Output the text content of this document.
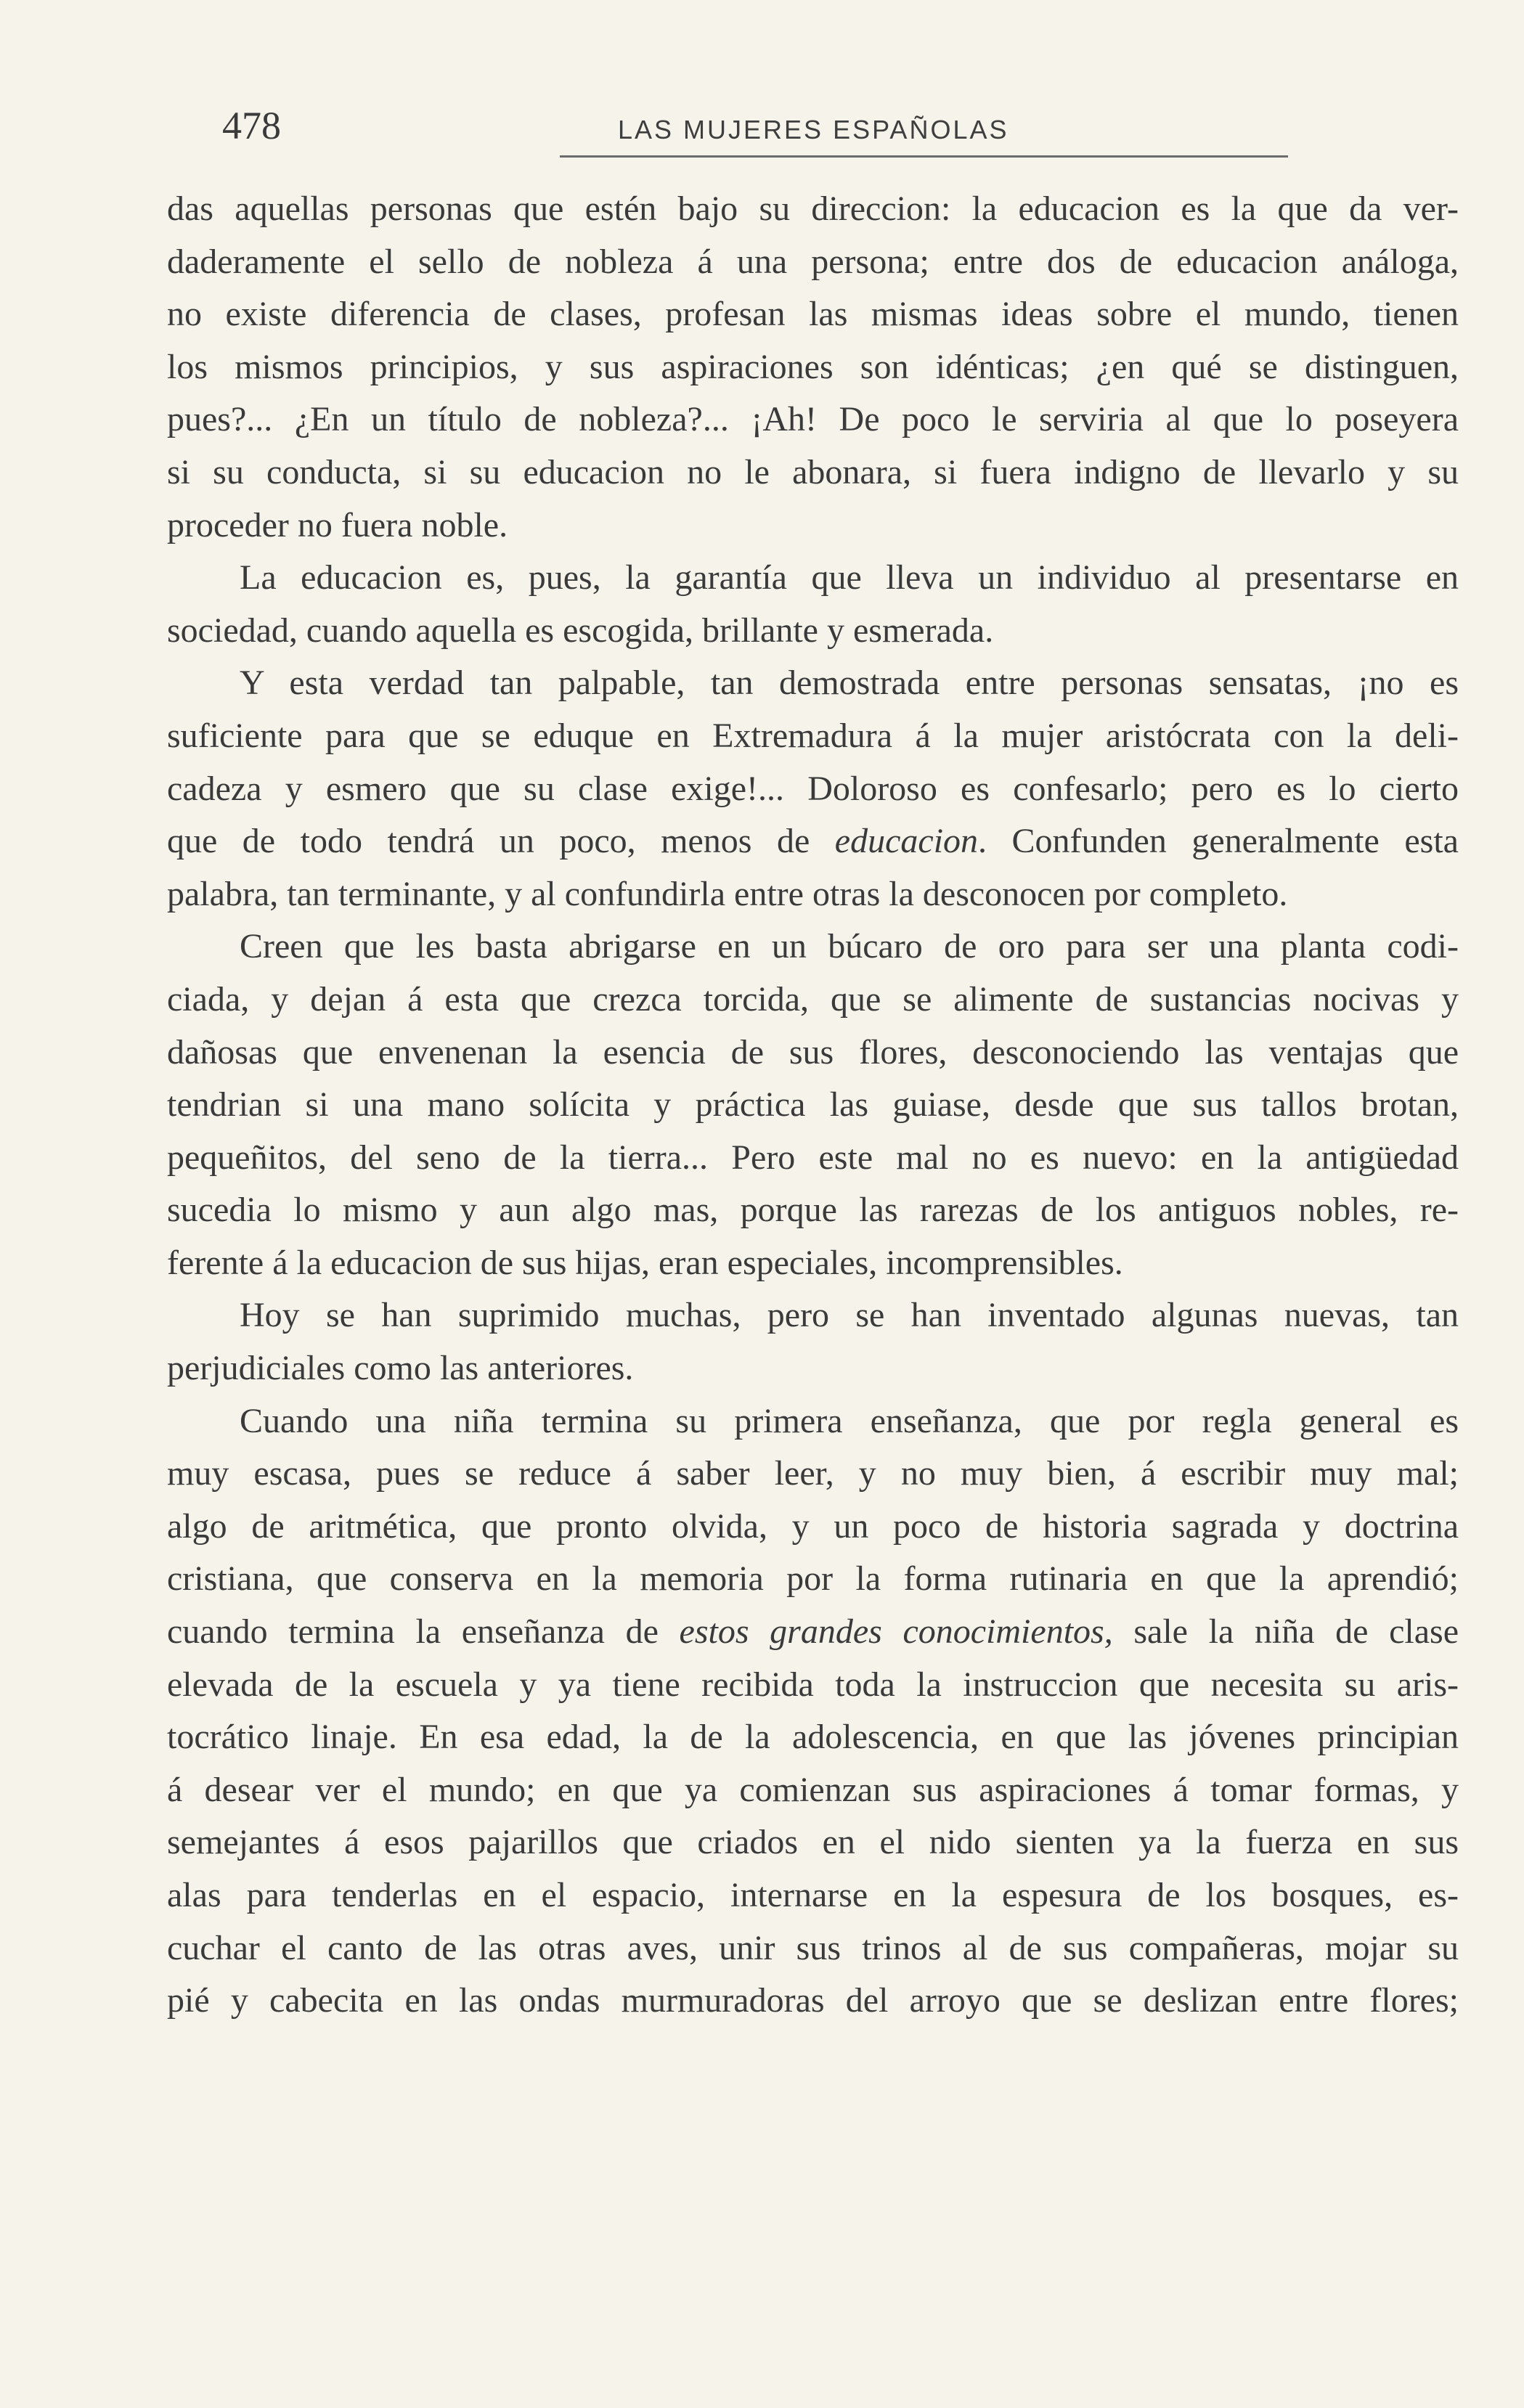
478	LAS MUJERES ESPAÑOLAS
das aquellas personas que estén bajo su direccion: la educacion es la que da ver-
daderamente el sello de nobleza á una persona; entre dos de educacion análoga,
no existe diferencia de clases, profesan las mismas ideas sobre el mundo, tienen
los mismos principios, y sus aspiraciones son idénticas; ¿en qué se distinguen,
pues?... ¿En un título de nobleza?... ¡Ah! De poco le serviria al que lo poseyera
si su conducta, si su educacion no le abonara, si fuera indigno de llevarlo y su
proceder no fuera noble.
La educacion es, pues, la garantía que lleva un individuo al presentarse en
sociedad, cuando aquella es escogida, brillante y esmerada.
Y esta verdad tan palpable, tan demostrada entre personas sensatas, ¡no es
suficiente para que se eduque en Extremadura á la mujer aristócrata con la deli-
cadeza y esmero que su clase exige!... Doloroso es confesarlo; pero es lo cierto
que de todo tendrá un poco, menos de educacion. Confunden generalmente esta
palabra, tan terminante, y al confundirla entre otras la desconocen por completo.
Creen que les basta abrigarse en un búcaro de oro para ser una planta codi-
ciada, y dejan á esta que crezca torcida, que se alimente de sustancias nocivas y
dañosas que envenenan la esencia de sus flores, desconociendo las ventajas que
tendrian si una mano solícita y práctica las guiase, desde que sus tallos brotan,
pequeñitos, del seno de la tierra... Pero este mal no es nuevo: en la antigüedad
sucedia lo mismo y aun algo mas, porque las rarezas de los antiguos nobles, re-
ferente á la educacion de sus hijas, eran especiales, incomprensibles.
Hoy se han suprimido muchas, pero se han inventado algunas nuevas, tan
perjudiciales como las anteriores.
Cuando una niña termina su primera enseñanza, que por regla general es
muy escasa, pues se reduce á saber leer, y no muy bien, á escribir muy mal;
algo de aritmética, que pronto olvida, y un poco de historia sagrada y doctrina
cristiana, que conserva en la memoria por la forma rutinaria en que la aprendió;
cuando termina la enseñanza de estos grandes conocimientos, sale la niña de clase
elevada de la escuela y ya tiene recibida toda la instruccion que necesita su aris-
tocrático linaje. En esa edad, la de la adolescencia, en que las jóvenes principian
á desear ver el mundo; en que ya comienzan sus aspiraciones á tomar formas, y
semejantes á esos pajarillos que criados en el nido sienten ya la fuerza en sus
alas para tenderlas en el espacio, internarse en la espesura de los bosques, es-
cuchar el canto de las otras aves, unir sus trinos al de sus compañeras, mojar su
pié y cabecita en las ondas murmuradoras del arroyo que se deslizan entre flores;
